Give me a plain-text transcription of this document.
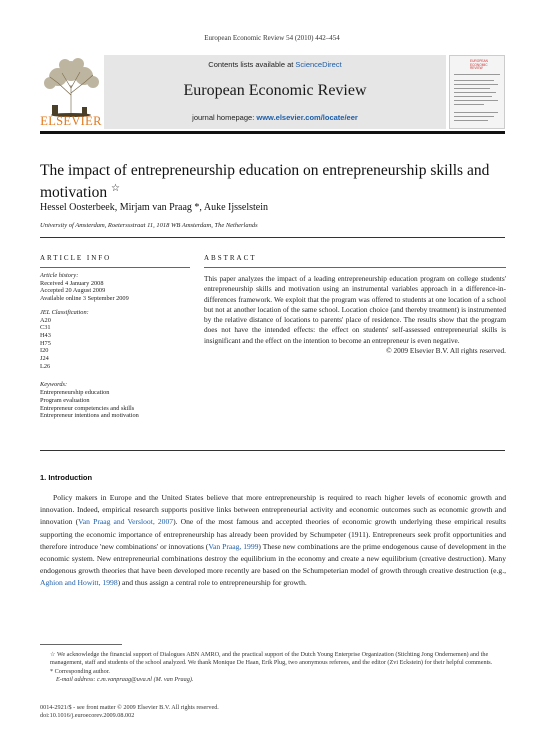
European Economic Review 54 (2010) 442–454
ELSEVIER
Contents lists available at ScienceDirect
European Economic Review
journal homepage: www.elsevier.com/locate/eer
EUROPEAN ECONOMIC REVIEW
The impact of entrepreneurship education on entrepreneurship skills and motivation ☆
Hessel Oosterbeek, Mirjam van Praag *, Auke Ijsselstein
University of Amsterdam, Roeterssstraat 11, 1018 WB Amsterdam, The Netherlands
ARTICLE INFO	ABSTRACT
Article history:
Received 4 January 2008
Accepted 20 August 2009
Available online 3 September 2009
JEL Classification:
A20
C31
H43
H75
I20
J24
L26
Keywords:
Entrepreneurship education
Program evaluation
Entrepreneur competencies and skills
Entrepreneur intentions and motivation
This paper analyzes the impact of a leading entrepreneurship education program on college students' entrepreneurship skills and motivation using an instrumental variables approach in a difference-in-differences framework. We exploit that the program was offered to students at one location of a school but not at another location of the same school. Location choice (and thereby treatment) is instrumented by the relative distance of locations to parents' place of residence. The results show that the program does not have the intended effects: the effect on students' self-assessed entrepreneurial skills is insignificant and the effect on the intention to become an entrepreneur is even negative.
© 2009 Elsevier B.V. All rights reserved.
1. Introduction
Policy makers in Europe and the United States believe that more entrepreneurship is required to reach higher levels of economic growth and innovation. Indeed, empirical research supports positive links between entrepreneurial activity and economic outcomes such as economic growth and innovation (Van Praag and Versloot, 2007). One of the most famous and accepted theories of economic growth underlying these empirical results supporting the economic importance of entrepreneurship has already been provided by Schumpeter (1911). Entrepreneurs seek profit opportunities and therefore introduce 'new combinations' or innovations (Van Praag, 1999) These new combinations are the prime endogenous cause of development in the economic system. New entrepreneurial combinations destroy the equilibrium in the economy and create a new equilibrium (creative destruction). Many endogenous growth theories that have been developed more recently are based on the Schumpeterian model of growth through creative destruction (e.g., Aghion and Howitt, 1998) and thus assign a central role to entrepreneurship for growth.
☆ We acknowledge the financial support of Dialogues ABN AMRO, and the practical support of the Dutch Young Enterprise Organization (Stichting Jong Ondernemen) and the management, staff and students of the school analyzed. We thank Monique De Haan, Erik Plug, two anonymous referees, and the editor (Zvi Eckstein) for their helpful comments.
* Corresponding author.
E-mail address: c.m.vanpraag@uva.nl (M. van Praag).
0014-2921/$ - see front matter © 2009 Elsevier B.V. All rights reserved.
doi:10.1016/j.euroecorev.2009.08.002
